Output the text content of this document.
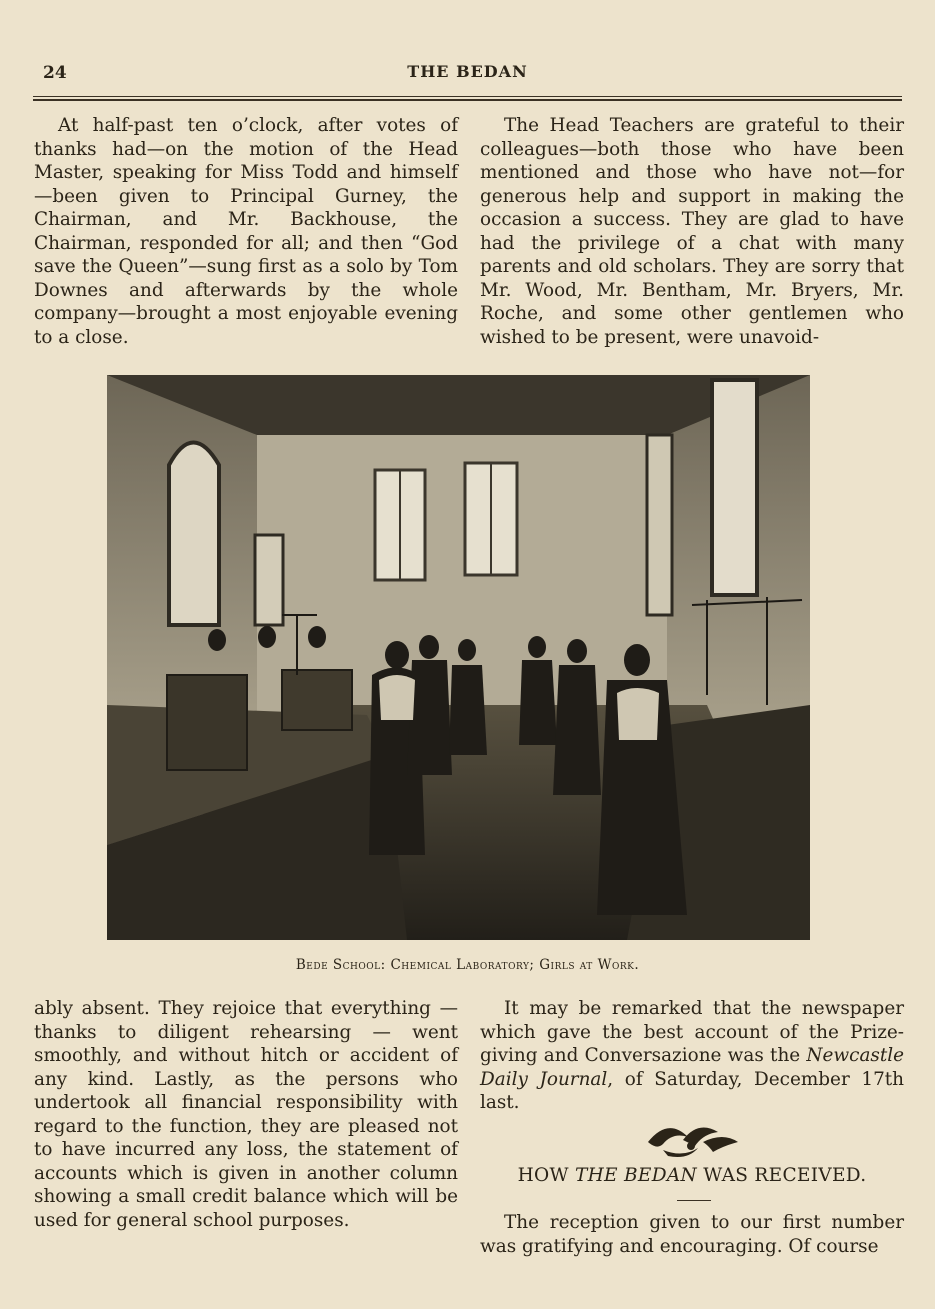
24	THE BEDAN

At half-past ten o’clock, after votes of thanks had—on the motion of the Head Master, speaking for Miss Todd and himself—been given to Principal Gurney, the Chairman, and Mr. Backhouse, the Chairman, responded for all; and then “God save the Queen”—sung first as a solo by Tom Downes and afterwards by the whole company—brought a most enjoyable evening to a close.

The Head Teachers are grateful to their colleagues—both those who have been mentioned and those who have not—for generous help and support in making the occasion a success. They are glad to have had the privilege of a chat with many parents and old scholars. They are sorry that Mr. Wood, Mr. Bentham, Mr. Bryers, Mr. Roche, and some other gentlemen who wished to be present, were unavoid-

Bede School: Chemical Laboratory; Girls at Work.

ably absent. They rejoice that everything — thanks to diligent rehearsing — went smoothly, and without hitch or accident of any kind. Lastly, as the persons who undertook all financial responsibility with regard to the function, they are pleased not to have incurred any loss, the statement of accounts which is given in another column showing a small credit balance which will be used for general school purposes.

It may be remarked that the newspaper which gave the best account of the Prize-giving and Conversazione was the Newcastle Daily Journal, of Saturday, December 17th last.

HOW THE BEDAN WAS RECEIVED.

The reception given to our first number was gratifying and encouraging. Of course
